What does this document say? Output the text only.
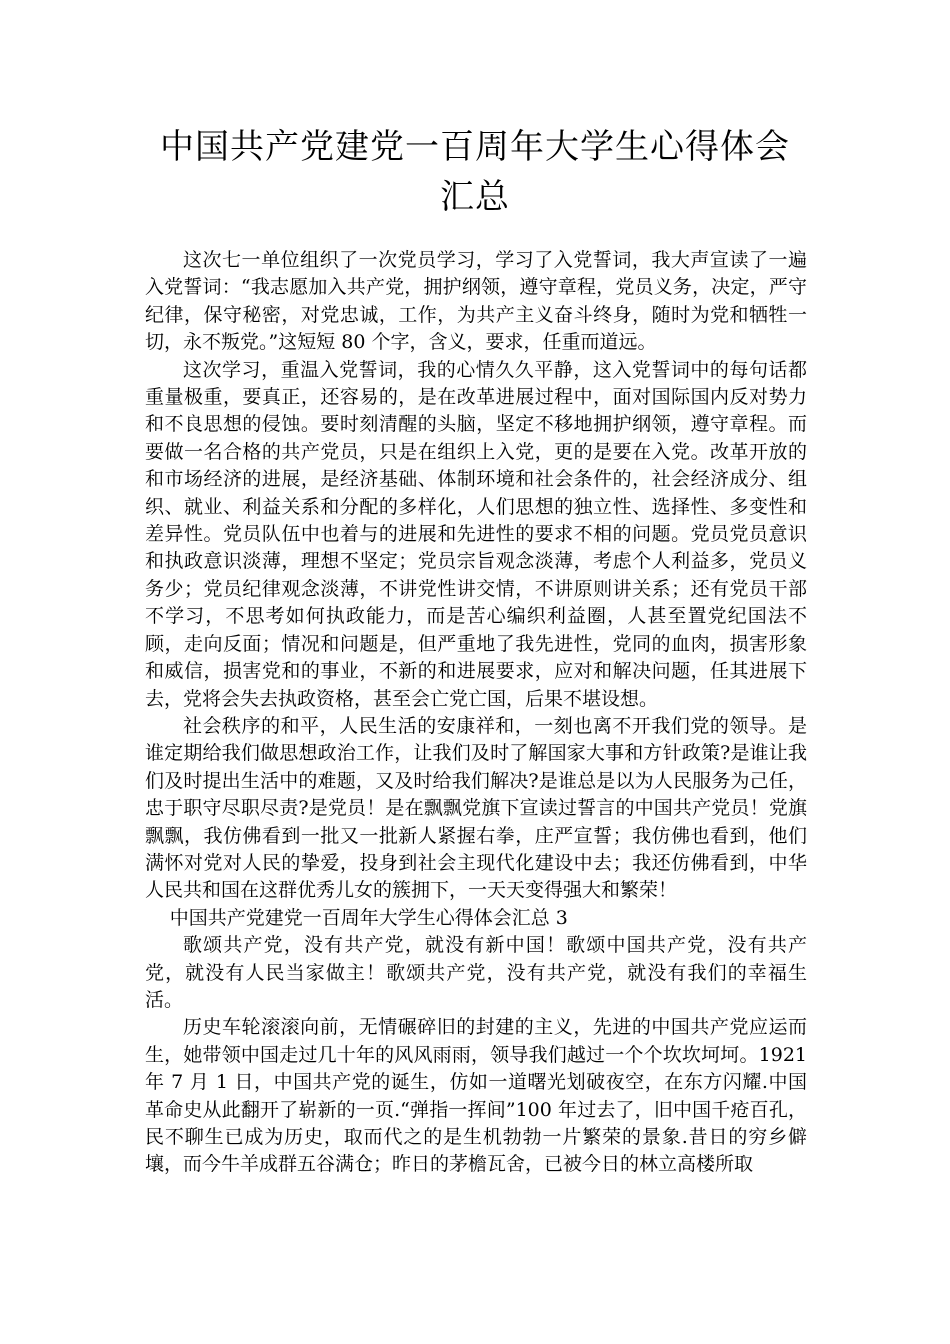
中国共产党建党一百周年大学生心得体会
汇总

这次七一单位组织了一次党员学习，学习了入党誓词，我大声宣读了一遍入党誓词：“我志愿加入共产党，拥护纲领，遵守章程，党员义务，决定，严守纪律，保守秘密，对党忠诚，工作，为共产主义奋斗终身，随时为党和牺牲一切，永不叛党。”这短短 80 个字，含义，要求，任重而道远。

这次学习，重温入党誓词，我的心情久久平静，这入党誓词中的每句话都重量极重，要真正，还容易的，是在改革进展过程中，面对国际国内反对势力和不良思想的侵蚀。要时刻清醒的头脑，坚定不移地拥护纲领，遵守章程。而要做一名合格的共产党员，只是在组织上入党，更的是要在入党。改革开放的和市场经济的进展，是经济基础、体制环境和社会条件的，社会经济成分、组织、就业、利益关系和分配的多样化，人们思想的独立性、选择性、多变性和差异性。党员队伍中也着与的进展和先进性的要求不相的问题。党员党员意识和执政意识淡薄，理想不坚定；党员宗旨观念淡薄，考虑个人利益多，党员义务少；党员纪律观念淡薄，不讲党性讲交情，不讲原则讲关系；还有党员干部不学习，不思考如何执政能力，而是苦心编织利益圈，人甚至置党纪国法不顾，走向反面；情况和问题是，但严重地了我先进性，党同的血肉，损害形象和威信，损害党和的事业，不新的和进展要求，应对和解决问题，任其进展下去，党将会失去执政资格，甚至会亡党亡国，后果不堪设想。

社会秩序的和平，人民生活的安康祥和，一刻也离不开我们党的领导。是谁定期给我们做思想政治工作，让我们及时了解国家大事和方针政策?是谁让我们及时提出生活中的难题，又及时给我们解决?是谁总是以为人民服务为己任，忠于职守尽职尽责?是党员！是在飘飘党旗下宣读过誓言的中国共产党员！党旗飘飘，我仿佛看到一批又一批新人紧握右拳，庄严宣誓；我仿佛也看到，他们满怀对党对人民的挚爱，投身到社会主现代化建设中去；我还仿佛看到，中华人民共和国在这群优秀儿女的簇拥下，一天天变得强大和繁荣！

中国共产党建党一百周年大学生心得体会汇总 3

歌颂共产党，没有共产党，就没有新中国！歌颂中国共产党，没有共产党，就没有人民当家做主！歌颂共产党，没有共产党，就没有我们的幸福生活。

历史车轮滚滚向前，无情碾碎旧的封建的主义，先进的中国共产党应运而生，她带领中国走过几十年的风风雨雨，领导我们越过一个个坎坎坷坷。1921 年 7 月 1 日，中国共产党的诞生，仿如一道曙光划破夜空，在东方闪耀.中国革命史从此翻开了崭新的一页.“弹指一挥间”100 年过去了，旧中国千疮百孔，民不聊生已成为历史，取而代之的是生机勃勃一片繁荣的景象.昔日的穷乡僻壤，而今牛羊成群五谷满仓；昨日的茅檐瓦舍，已被今日的林立高楼所取
